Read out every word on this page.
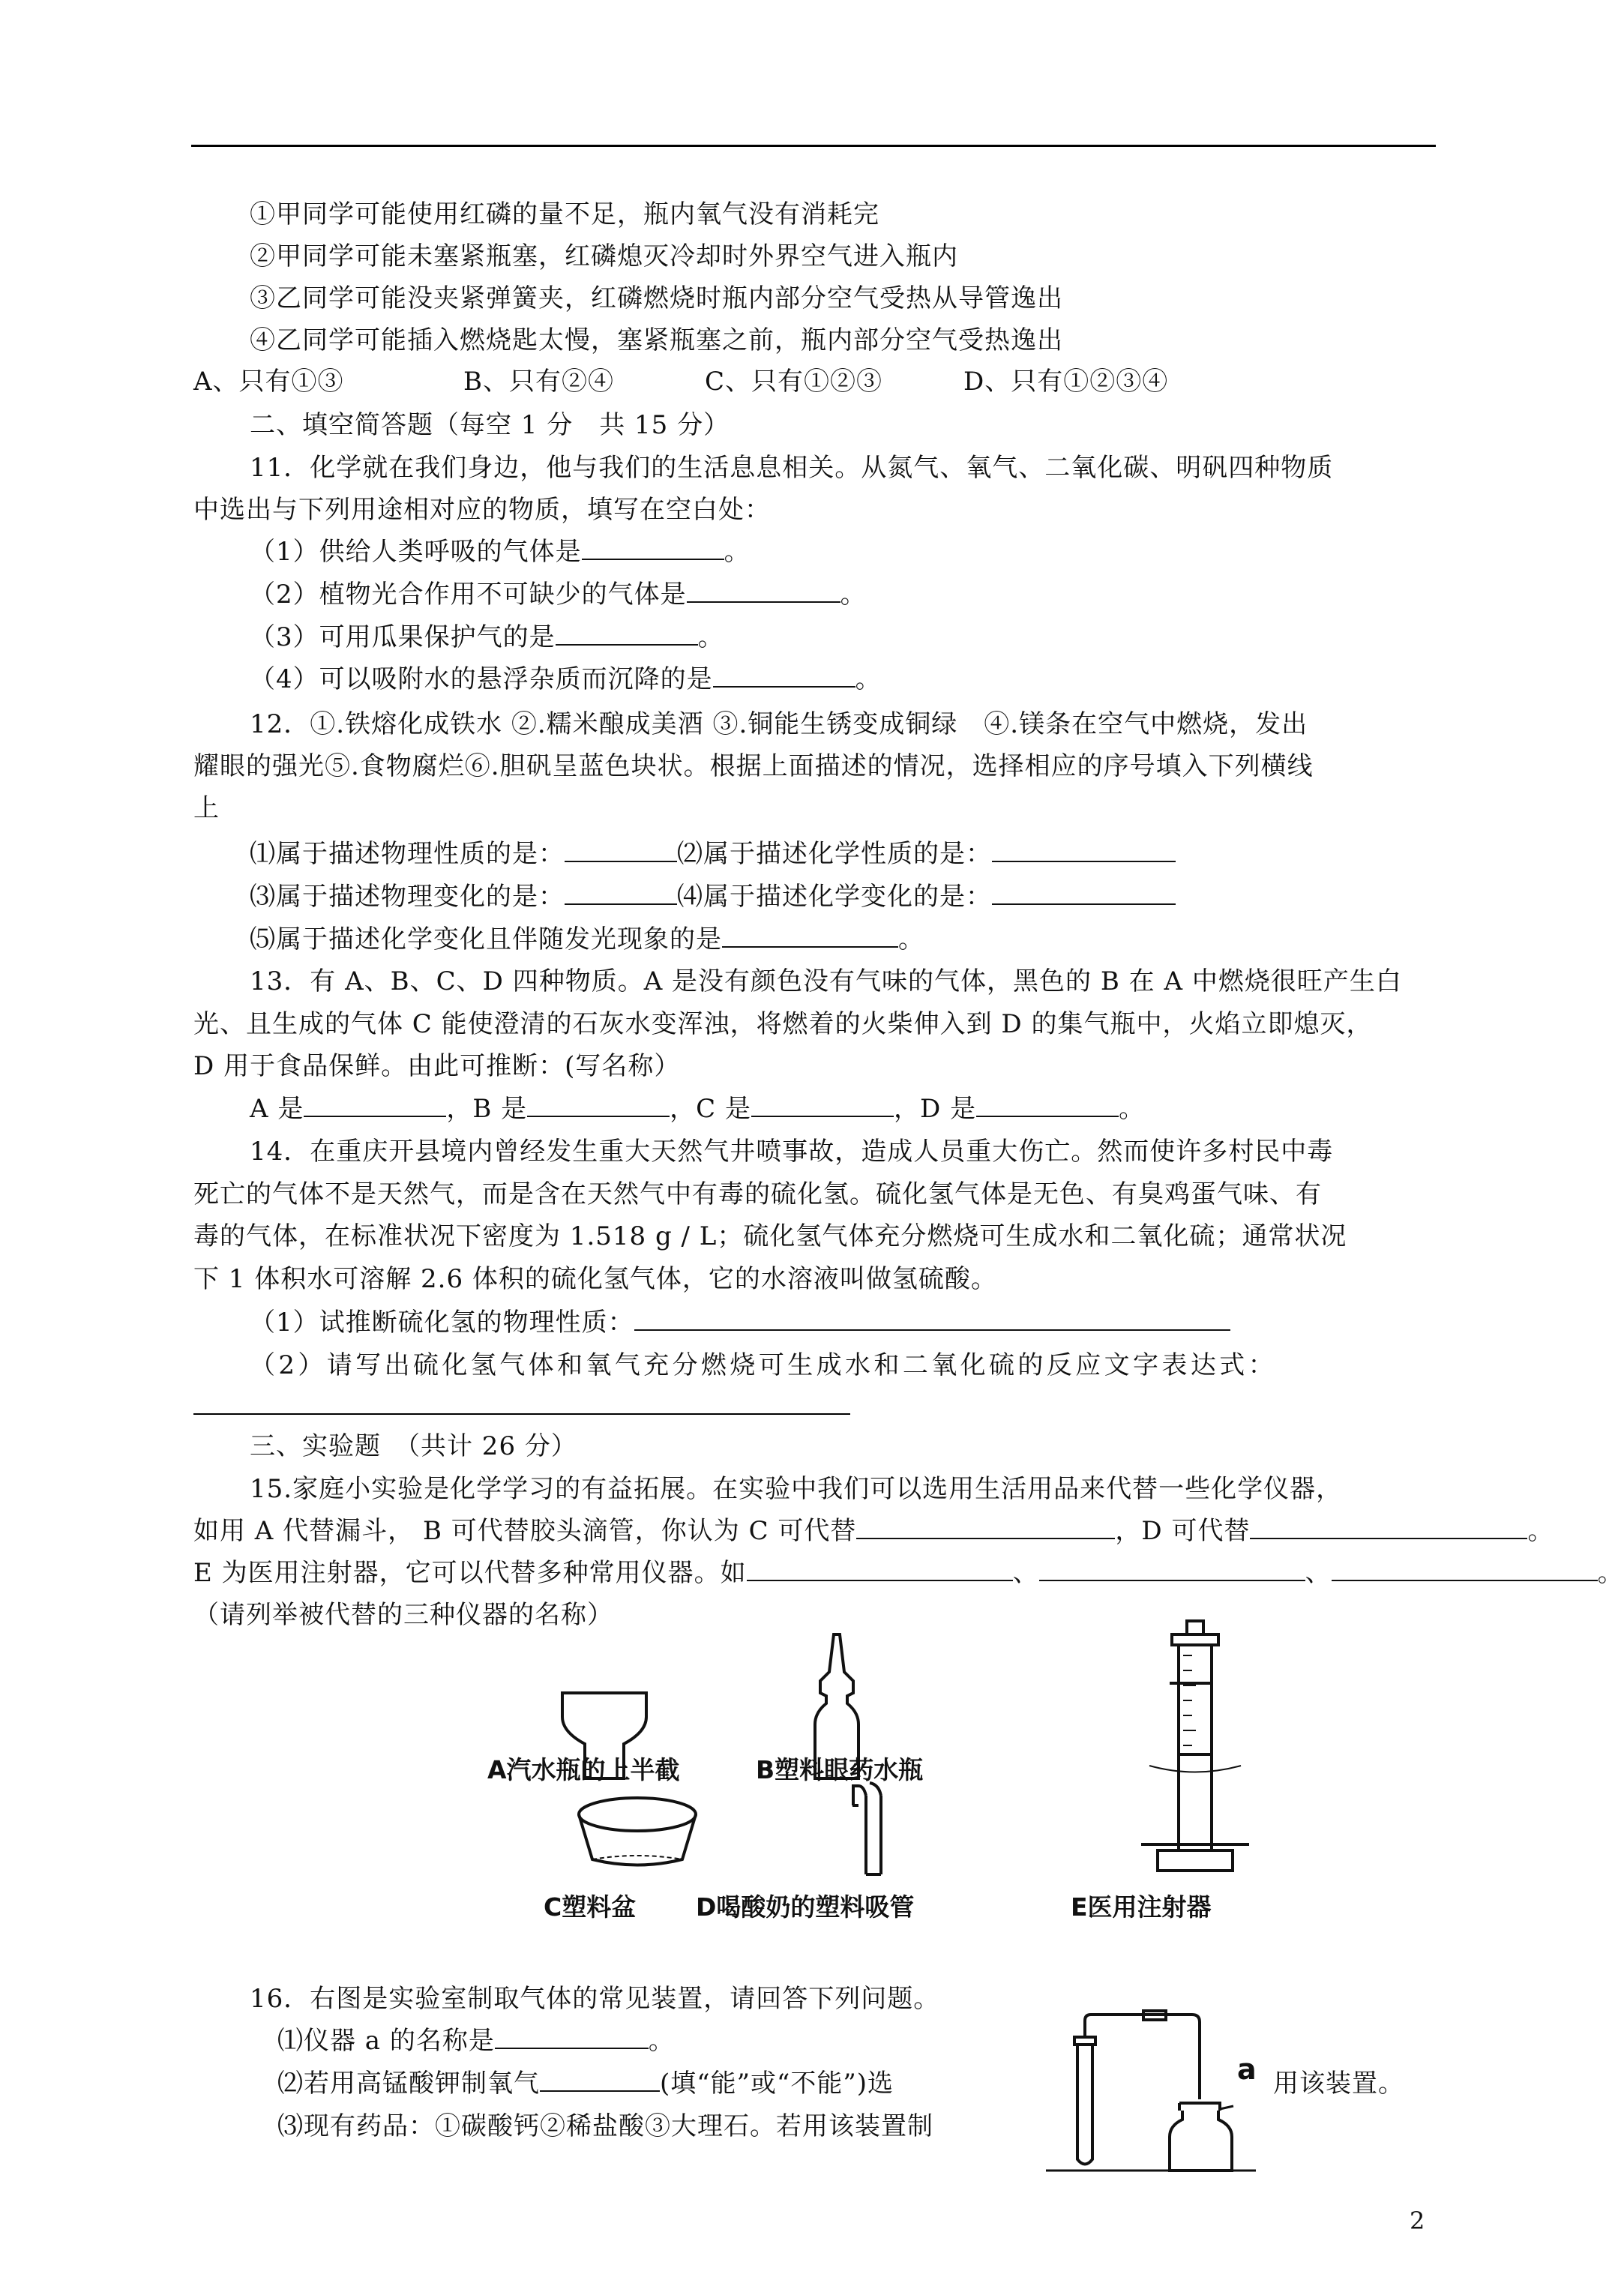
①甲同学可能使用红磷的量不足，瓶内氧气没有消耗完
②甲同学可能未塞紧瓶塞，红磷熄灭冷却时外界空气进入瓶内
③乙同学可能没夹紧弹簧夹，红磷燃烧时瓶内部分空气受热从导管逸出
④乙同学可能插入燃烧匙太慢，塞紧瓶塞之前，瓶内部分空气受热逸出
A、只有①③	B、只有②④	C、只有①②③	D、只有①②③④
二、填空简答题（每空 1 分　共 15 分）
11．化学就在我们身边，他与我们的生活息息相关。从氮气、氧气、二氧化碳、明矾四种物质
中选出与下列用途相对应的物质，填写在空白处：
（1）供给人类呼吸的气体是	。
（2）植物光合作用不可缺少的气体是	。
（3）可用瓜果保护气的是	。
（4）可以吸附水的悬浮杂质而沉降的是	。
12．①.铁熔化成铁水 ②.糯米酿成美酒 ③.铜能生锈变成铜绿　④.镁条在空气中燃烧，发出
耀眼的强光⑤.食物腐烂⑥.胆矾呈蓝色块状。根据上面描述的情况，选择相应的序号填入下列横线
上
⑴属于描述物理性质的是：	⑵属于描述化学性质的是：
⑶属于描述物理变化的是：	⑷属于描述化学变化的是：
⑸属于描述化学变化且伴随发光现象的是	。
13．有 A、B、C、D 四种物质。A 是没有颜色没有气味的气体，黑色的 B 在 A 中燃烧很旺产生白
光、且生成的气体 C 能使澄清的石灰水变浑浊，将燃着的火柴伸入到 D 的集气瓶中，火焰立即熄灭，
D 用于食品保鲜。由此可推断：(写名称）
A 是	，B 是	，C 是	，D 是	。
14．在重庆开县境内曾经发生重大天然气井喷事故，造成人员重大伤亡。然而使许多村民中毒
死亡的气体不是天然气，而是含在天然气中有毒的硫化氢。硫化氢气体是无色、有臭鸡蛋气味、有
毒的气体，在标准状况下密度为 1.518 g / L；硫化氢气体充分燃烧可生成水和二氧化硫；通常状况
下 1 体积水可溶解 2.6 体积的硫化氢气体，它的水溶液叫做氢硫酸。
（1）试推断硫化氢的物理性质：
（2）请写出硫化氢气体和氧气充分燃烧可生成水和二氧化硫的反应文字表达式：
三、实验题　（共计 26 分）
15.家庭小实验是化学学习的有益拓展。在实验中我们可以选用生活用品来代替一些化学仪器，
如用 A 代替漏斗， B 可代替胶头滴管，你认为 C 可代替	，D 可代替	。
E 为医用注射器，它可以代替多种常用仪器。如	、	、	。
（请列举被代替的三种仪器的名称）
A汽水瓶的上半截	B塑料眼药水瓶
C塑料盆 D喝酸奶的塑料吸管	E医用注射器
16．右图是实验室制取气体的常见装置，请回答下列问题。
⑴仪器 a 的名称是	。
⑵若用高锰酸钾制氧气	(填“能”或“不能”)选	用该装置。
⑶现有药品：①碳酸钙②稀盐酸③大理石。若用该装置制
a
2
